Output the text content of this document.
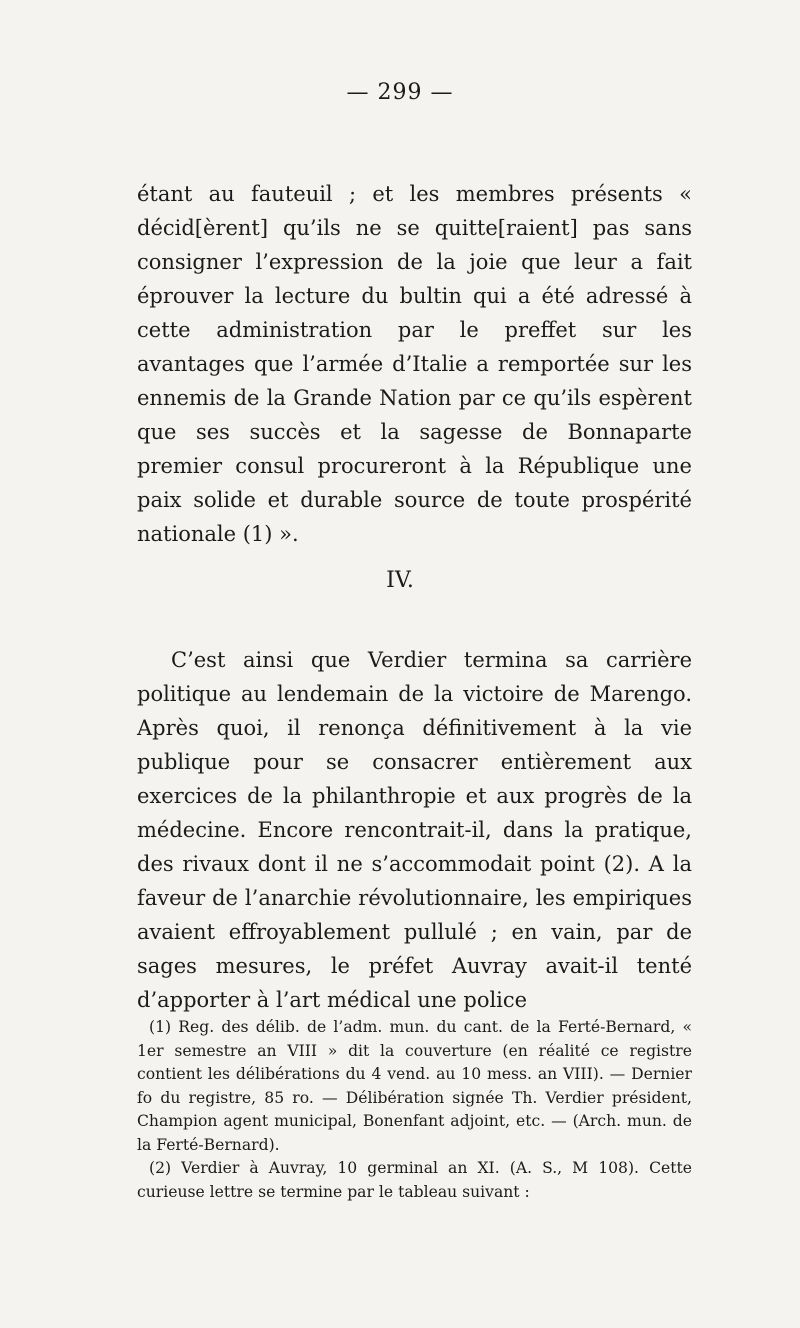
— 299 —
étant au fauteuil ; et les membres présents « décid[èrent] qu’ils ne se quitte[raient] pas sans consigner l’expression de la joie que leur a fait éprouver la lecture du bultin qui a été adressé à cette administration par le preffet sur les avantages que l’armée d’Italie a remportée sur les ennemis de la Grande Nation par ce qu’ils espèrent que ses succès et la sagesse de Bonnaparte premier consul procureront à la République une paix solide et durable source de toute prospérité nationale (1) ».
IV.
C’est ainsi que Verdier termina sa carrière politique au lendemain de la victoire de Marengo. Après quoi, il renonça définitivement à la vie publique pour se consacrer entièrement aux exercices de la philanthropie et aux progrès de la médecine. Encore rencontrait-il, dans la pratique, des rivaux dont il ne s’accommodait point (2). A la faveur de l’anarchie révolutionnaire, les empiriques avaient effroyablement pullulé ; en vain, par de sages mesures, le préfet Auvray avait-il tenté d’apporter à l’art médical une police

(1) Reg. des délib. de l’adm. mun. du cant. de la Ferté-Bernard, « 1er semestre an VIII » dit la couverture (en réalité ce registre contient les délibérations du 4 vend. au 10 mess. an VIII). — Dernier fo du registre, 85 ro. — Délibération signée Th. Verdier président, Champion agent municipal, Bonenfant adjoint, etc. — (Arch. mun. de la Ferté-Bernard).

(2) Verdier à Auvray, 10 germinal an XI. (A. S., M 108). Cette curieuse lettre se termine par le tableau suivant :
